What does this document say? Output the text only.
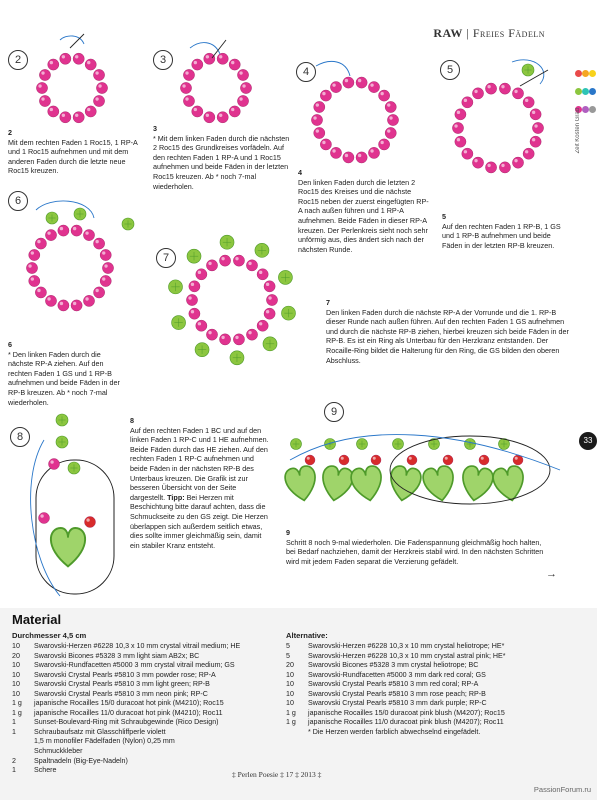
RAW | Freies Fädeln

Zeit Kosten Grad
2	3
4	5
6
7
8
9
2
Mit dem rechten Faden 1 Roc15, 1 RP-A und 1 Roc15 aufnehmen und mit dem anderen Faden durch die letzte neue Roc15 kreuzen.
3
* Mit dem linken Faden durch die nächsten 2 Roc15 des Grundkreises vorfädeln. Auf den rechten Faden 1 RP-A und 1 Roc15 aufnehmen und beide Fäden in der letzten Roc15 kreuzen. Ab * noch 7-mal wiederholen.
4
Den linken Faden durch die letzten 2 Roc15 des Kreises und die nächste Roc15 neben der zuerst eingefügten RP-A nach außen führen und 1 RP-A aufnehmen. Beide Fäden in dieser RP-A kreuzen. Der Perlenkreis sieht noch sehr unförmig aus, dies ändert sich nach der nächsten Runde.
5
Auf den rechten Faden 1 RP-B, 1 GS und 1 RP-B aufnehmen und beide Fäden in der letzten RP-B kreuzen.
6
* Den linken Faden durch die nächste RP-A ziehen. Auf den rechten Faden 1 GS und 1 RP-B aufnehmen und beide Fäden in der RP-B kreuzen. Ab * noch 7-mal wiederholen.
7
Den linken Faden durch die nächste RP-A der Vorrunde und die 1. RP-B dieser Runde nach außen führen. Auf den rechten Faden 1 GS aufnehmen und durch die nächste RP-B ziehen, hierbei kreuzen sich beide Fäden in der RP-B. Es ist ein Ring als Unterbau für den Herzkranz entstanden. Der Rocaille-Ring bildet die Halterung für den Ring, die GS bilden den oberen Abschluss.
8
Auf den rechten Faden 1 BC und auf den linken Faden 1 RP-C und 1 HE aufnehmen. Beide Fäden durch das HE ziehen. Auf den rechten Faden 1 RP-C aufnehmen und beide Fäden in der nächsten RP-B des Unterbaus kreuzen. Die Grafik ist zur besseren Übersicht von der Seite dargestellt. Tipp: Bei Herzen mit Beschichtung bitte darauf achten, dass die Schmuckseite zu den GS zeigt. Die Herzen überlappen sich außerdem seitlich etwas, dies sollte immer gleichmäßig sein, damit ein stabiler Kranz entsteht.
9
Schritt 8 noch 9-mal wiederholen. Die Fadenspannung gleichmäßig hoch halten, bei Bedarf nachziehen, damit der Herzkreis stabil wird. In den nächsten Schritten wird mit jedem Faden separat die Verzierung gefädelt.
→
33
Material
Durchmesser 4,5 cm	Alternative:
10	Swarovski-Herzen #6228 10,3 x 10 mm crystal vitrail medium; HE
20	Swarovski Bicones #5328 3 mm light siam AB2x; BC
10	Swarovski-Rundfacetten #5000 3 mm crystal vitrail medium; GS
10	Swarovski Crystal Pearls #5810 3 mm powder rose; RP-A
10	Swarovski Crystal Pearls #5810 3 mm light green; RP-B
10	Swarovski Crystal Pearls #5810 3 mm neon pink; RP-C
1 g	japanische Rocailles 15/0 duracoat hot pink (M4210); Roc15
1 g	japanische Rocailles 11/0 duracoat hot pink (M4210); Roc11
1	Sunset-Boulevard-Ring mit Schraubgewinde (Rico Design)
1	Schraubaufsatz mit Glasschliffperle violett
1,5 m monofiler Fädelfaden (Nylon) 0,25 mm
Schmuckkleber
2	Spaltnadeln (Big-Eye-Nadeln)
1	Schere
5	Swarovski-Herzen #6228 10,3 x 10 mm crystal heliotrope; HE*
5	Swarovski-Herzen #6228 10,3 x 10 mm crystal astral pink; HE*
20	Swarovski Bicones #5328 3 mm crystal heliotrope; BC
10	Swarovski-Rundfacetten #5000 3 mm dark red coral; GS
10	Swarovski Crystal Pearls #5810 3 mm red coral; RP-A
10	Swarovski Crystal Pearls #5810 3 mm rose peach; RP-B
10	Swarovski Crystal Pearls #5810 3 mm dark purple; RP-C
1 g	japanische Rocailles 15/0 duracoat pink blush (M4207); Roc15
1 g	japanische Rocailles 11/0 duracoat pink blush (M4207); Roc11
* Die Herzen werden farblich abwechselnd eingefädelt.
‡ Perlen Poesie ‡ 17 ‡ 2013 ‡
PassionForum.ru
